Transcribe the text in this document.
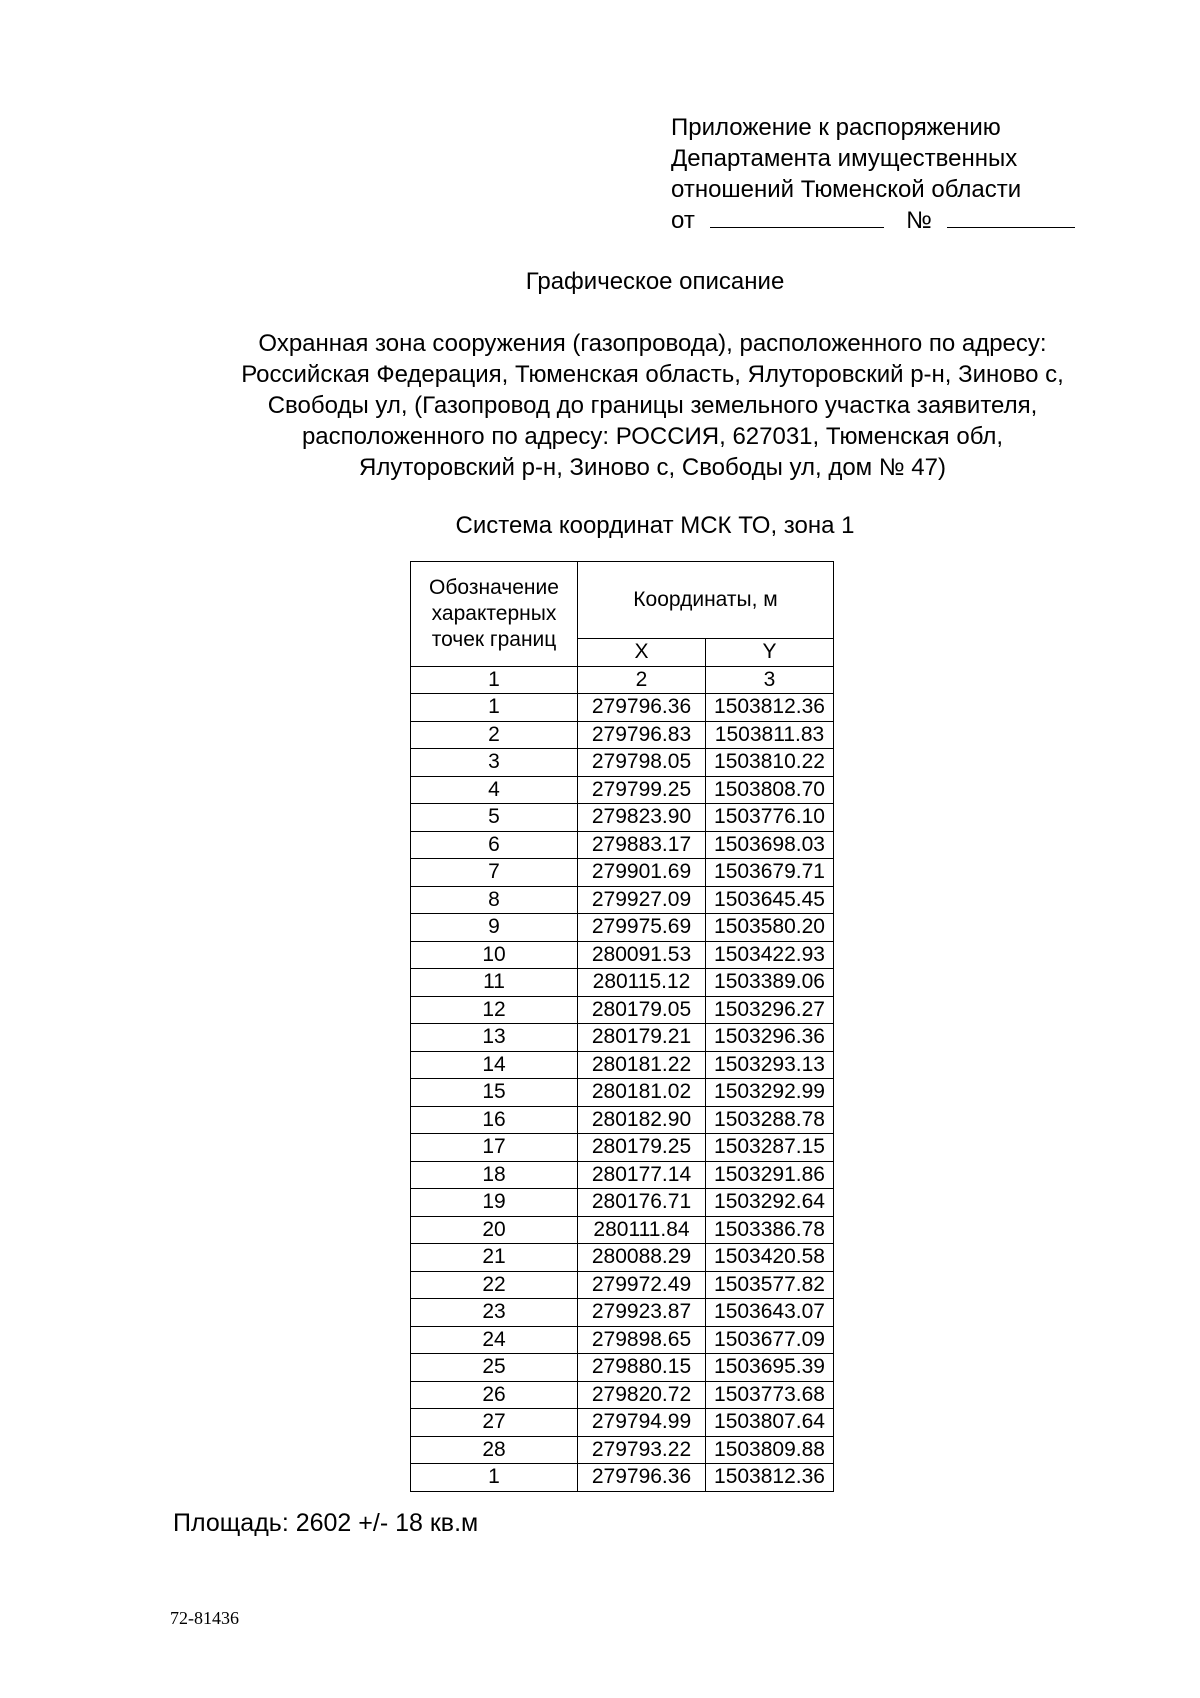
Приложение к распоряжению
Департамента имущественных
отношений Тюменской области
от	№
Графическое описание
Охранная зона сооружения (газопровода), расположенного по адресу:
Российская Федерация, Тюменская область, Ялуторовский р-н, Зиново с,
Свободы ул, (Газопровод до границы земельного участка заявителя,
расположенного по адресу: РОССИЯ, 627031, Тюменская обл,
Ялуторовский р-н, Зиново с, Свободы ул, дом № 47)
Система координат МСК ТО, зона 1
Обозначение
характерных
точек границ	Координаты, м	
	X	Y
1	2	3
1	279796.36	1503812.36
2	279796.83	1503811.83
3	279798.05	1503810.22
4	279799.25	1503808.70
5	279823.90	1503776.10
6	279883.17	1503698.03
7	279901.69	1503679.71
8	279927.09	1503645.45
9	279975.69	1503580.20
10	280091.53	1503422.93
11	280115.12	1503389.06
12	280179.05	1503296.27
13	280179.21	1503296.36
14	280181.22	1503293.13
15	280181.02	1503292.99
16	280182.90	1503288.78
17	280179.25	1503287.15
18	280177.14	1503291.86
19	280176.71	1503292.64
20	280111.84	1503386.78
21	280088.29	1503420.58
22	279972.49	1503577.82
23	279923.87	1503643.07
24	279898.65	1503677.09
25	279880.15	1503695.39
26	279820.72	1503773.68
27	279794.99	1503807.64
28	279793.22	1503809.88
1	279796.36	1503812.36
Площадь: 2602 +/- 18 кв.м
72-81436
